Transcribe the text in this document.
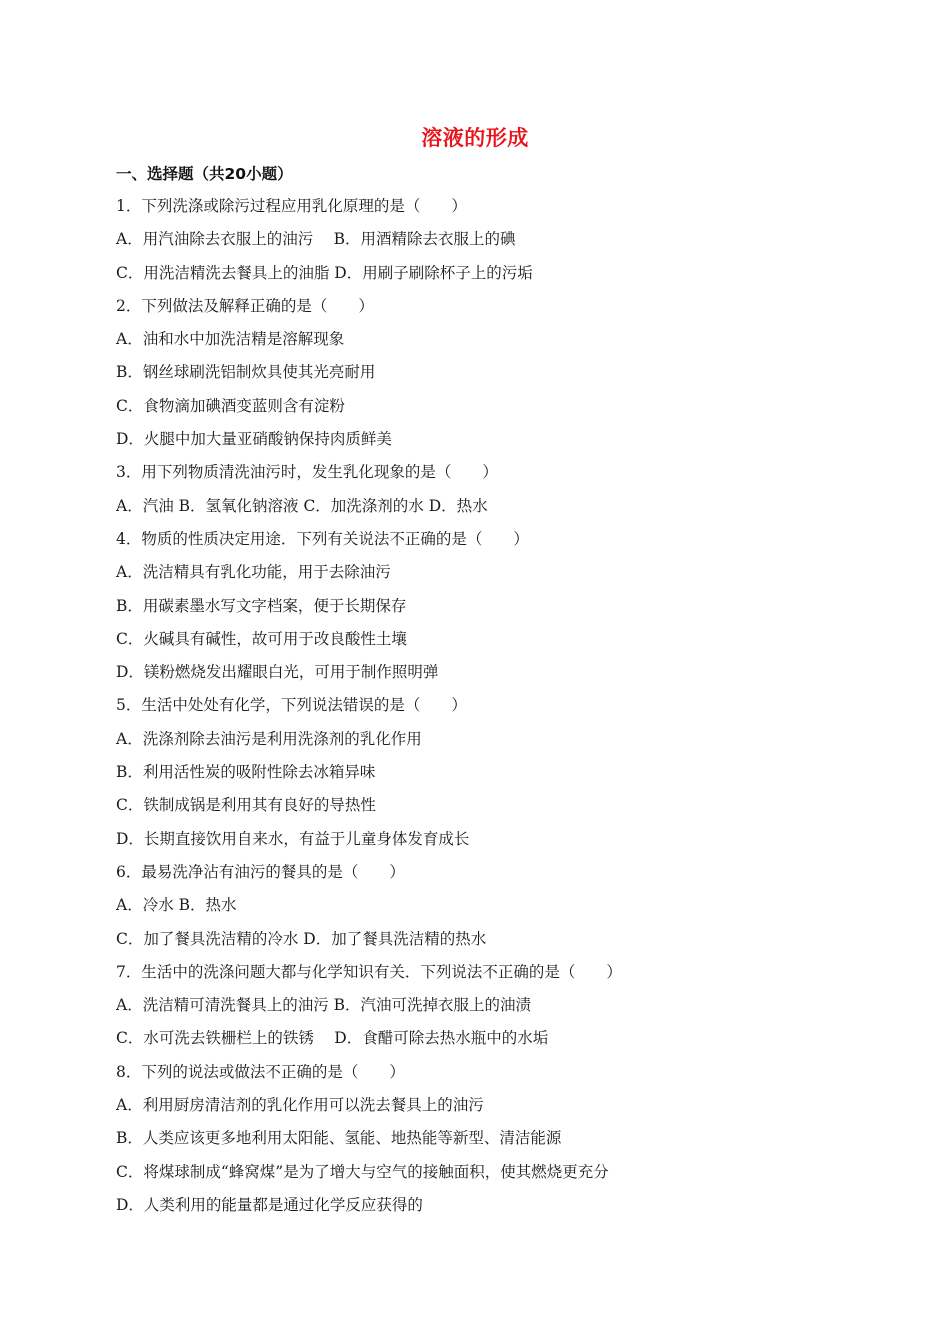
溶液的形成
一、选择题（共20小题）
1．下列洗涤或除污过程应用乳化原理的是（　　）
A．用汽油除去衣服上的油污　 B．用酒精除去衣服上的碘
C．用洗洁精洗去餐具上的油脂 D．用刷子刷除杯子上的污垢
2．下列做法及解释正确的是（　　）
A．油和水中加洗洁精是溶解现象
B．钢丝球刷洗铝制炊具使其光亮耐用
C．食物滴加碘酒变蓝则含有淀粉
D．火腿中加大量亚硝酸钠保持肉质鲜美
3．用下列物质清洗油污时，发生乳化现象的是（　　）
A．汽油 B．氢氧化钠溶液 C．加洗涤剂的水 D．热水
4．物质的性质决定用途．下列有关说法不正确的是（　　）
A．洗洁精具有乳化功能，用于去除油污
B．用碳素墨水写文字档案，便于长期保存
C．火碱具有碱性，故可用于改良酸性土壤
D．镁粉燃烧发出耀眼白光，可用于制作照明弹
5．生活中处处有化学，下列说法错误的是（　　）
A．洗涤剂除去油污是利用洗涤剂的乳化作用
B．利用活性炭的吸附性除去冰箱异味
C．铁制成锅是利用其有良好的导热性
D．长期直接饮用自来水，有益于儿童身体发育成长
6．最易洗净沾有油污的餐具的是（　　）
A．冷水 B．热水
C．加了餐具洗洁精的冷水 D．加了餐具洗洁精的热水
7．生活中的洗涤问题大都与化学知识有关．下列说法不正确的是（　　）
A．洗洁精可清洗餐具上的油污 B．汽油可洗掉衣服上的油渍
C．水可洗去铁栅栏上的铁锈　 D．食醋可除去热水瓶中的水垢
8．下列的说法或做法不正确的是（　　）
A．利用厨房清洁剂的乳化作用可以洗去餐具上的油污
B．人类应该更多地利用太阳能、氢能、地热能等新型、清洁能源
C．将煤球制成“蜂窝煤”是为了增大与空气的接触面积，使其燃烧更充分
D．人类利用的能量都是通过化学反应获得的
